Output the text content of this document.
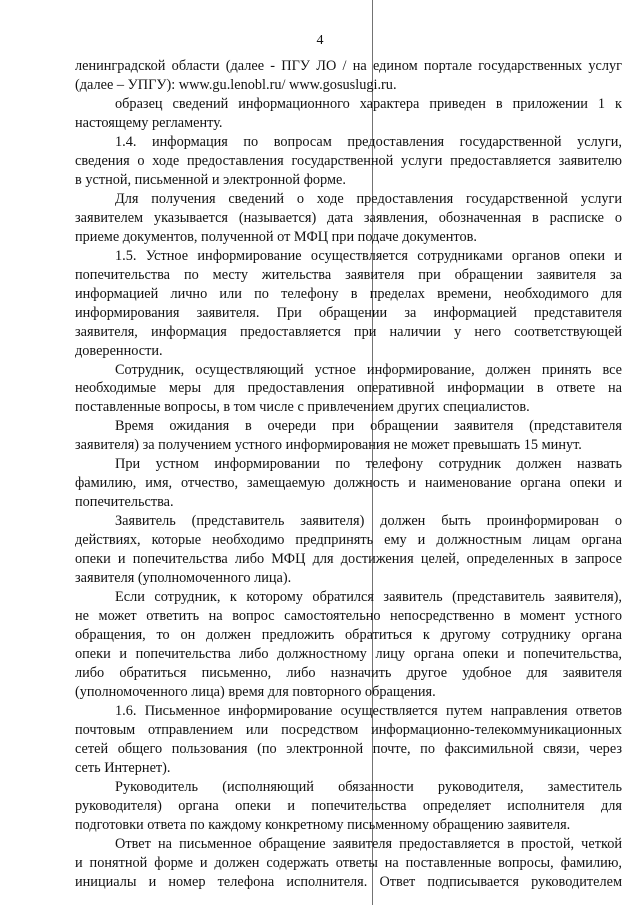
4
ленинградской области (далее - ПГУ ЛО / на едином портале государственных услуг
(далее – УПГУ): www.gu.lenobl.ru/ www.gosuslugi.ru.
образец сведений информационного характера приведен в приложении 1 к
настоящему регламенту.
1.4. информация по вопросам предоставления государственной услуги,
сведения о ходе предоставления государственной услуги предоставляется заявителю
в устной, письменной и электронной форме.
Для получения сведений о ходе предоставления государственной услуги
заявителем указывается (называется) дата заявления, обозначенная в расписке о
приеме документов, полученной от МФЦ при подаче документов.
1.5. Устное информирование осуществляется сотрудниками органов опеки и
попечительства по месту жительства заявителя при обращении заявителя за
информацией лично или по телефону в пределах времени, необходимого для
информирования заявителя. При обращении за информацией представителя
заявителя, информация предоставляется при наличии у него соответствующей
доверенности.
Сотрудник, осуществляющий устное информирование, должен принять все
необходимые меры для предоставления оперативной информации в ответе на
поставленные вопросы, в том числе с привлечением других специалистов.
Время ожидания в очереди при обращении заявителя (представителя
заявителя) за получением устного информирования не может превышать 15 минут.
При устном информировании по телефону сотрудник должен назвать
фамилию, имя, отчество, замещаемую должность и наименование органа опеки и
попечительства.
Заявитель (представитель заявителя) должен быть проинформирован о
действиях, которые необходимо предпринять ему и должностным лицам органа
опеки и попечительства либо МФЦ для достижения целей, определенных в запросе
заявителя (уполномоченного лица).
Если сотрудник, к которому обратился заявитель (представитель заявителя),
не может ответить на вопрос самостоятельно непосредственно в момент устного
обращения, то он должен предложить обратиться к другому сотруднику органа
опеки и попечительства либо должностному лицу органа опеки и попечительства,
либо обратиться письменно, либо назначить другое удобное для заявителя
(уполномоченного лица) время для повторного обращения.
1.6. Письменное информирование осуществляется путем направления ответов
почтовым отправлением или посредством информационно-телекоммуникационных
сетей общего пользования (по электронной почте, по факсимильной связи, через
сеть Интернет).
Руководитель (исполняющий обязанности руководителя, заместитель
руководителя) органа опеки и попечительства определяет исполнителя для
подготовки ответа по каждому конкретному письменному обращению заявителя.
Ответ на письменное обращение заявителя предоставляется в простой, четкой
и понятной форме и должен содержать ответы на поставленные вопросы, фамилию,
инициалы и номер телефона исполнителя. Ответ подписывается руководителем
